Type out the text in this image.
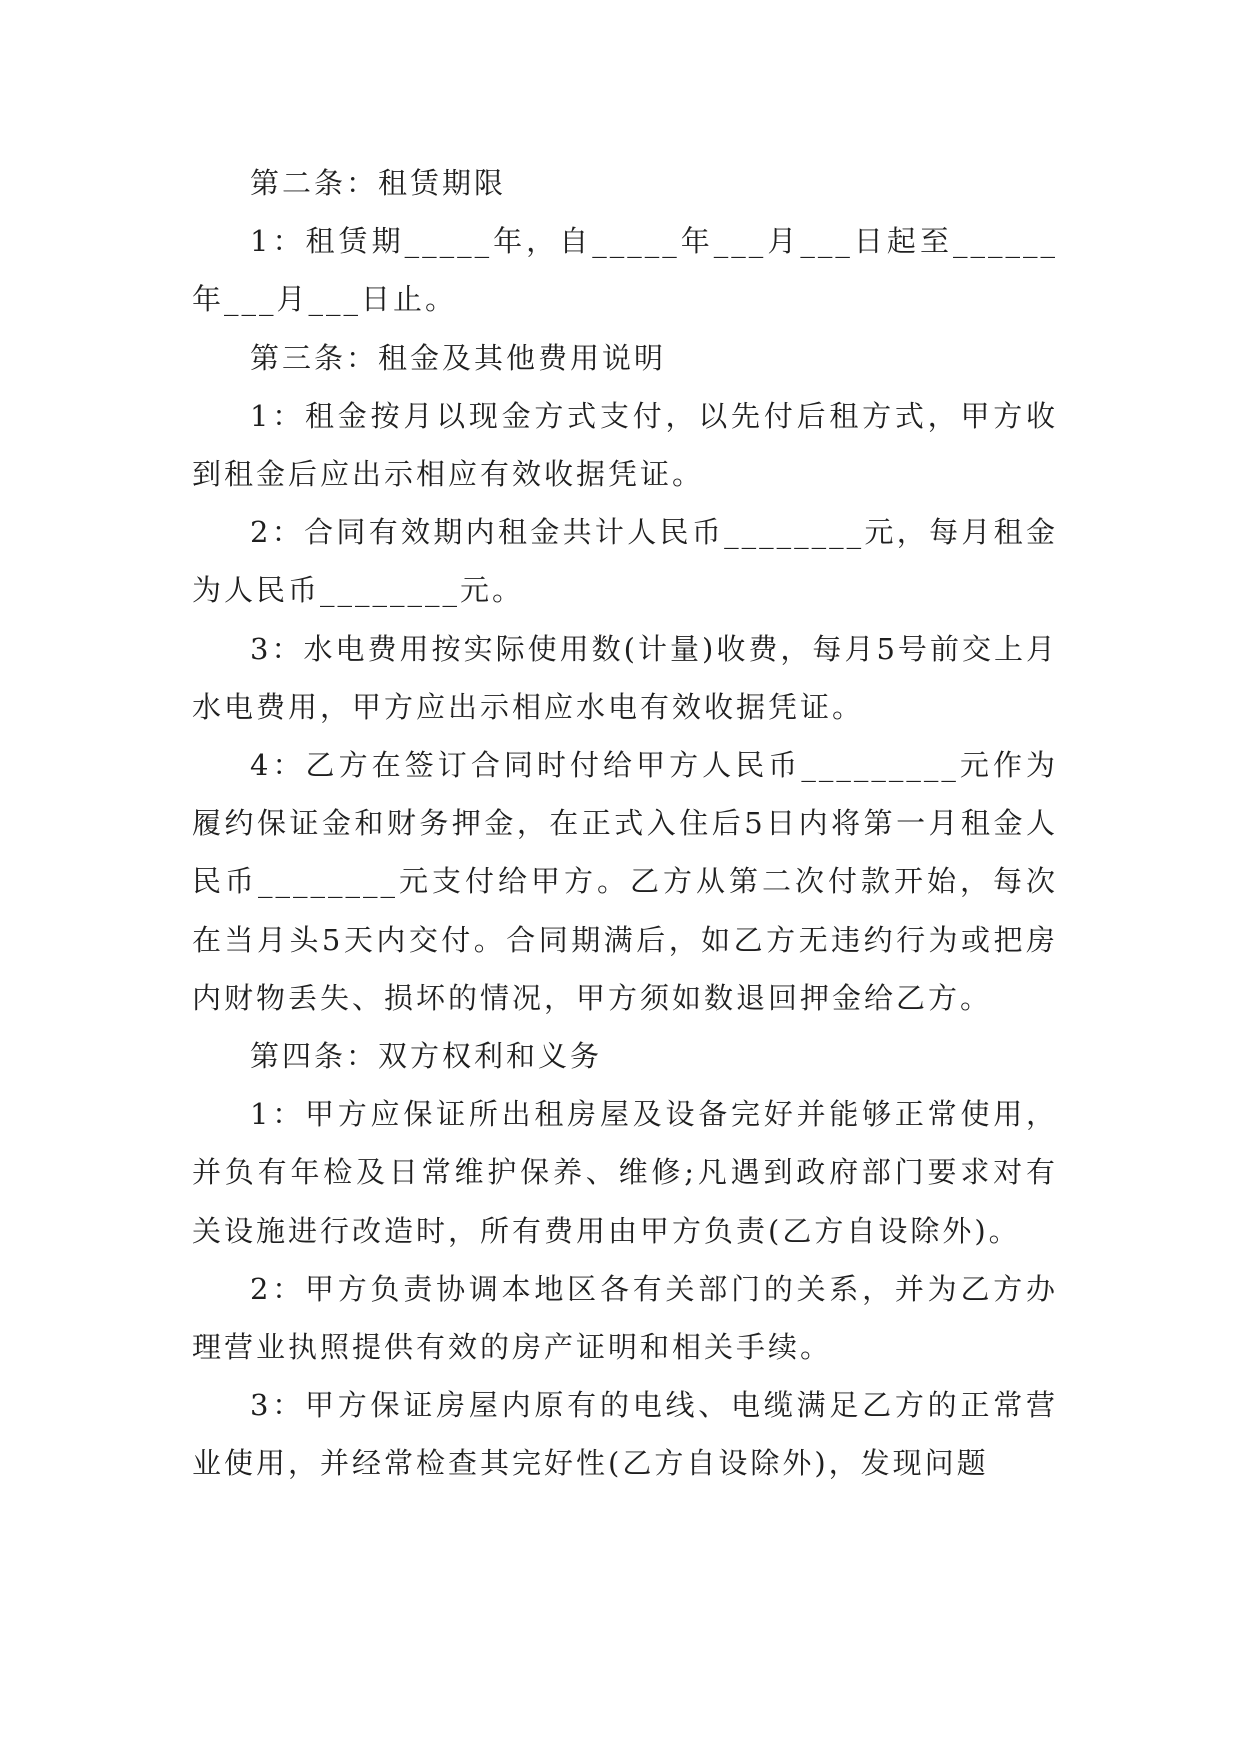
第二条：租赁期限

1：租赁期_____年，自_____年___月___日起至______年___月___日止。

第三条：租金及其他费用说明

1：租金按月以现金方式支付，以先付后租方式，甲方收到租金后应出示相应有效收据凭证。

2：合同有效期内租金共计人民币________元，每月租金为人民币________元。

3：水电费用按实际使用数(计量)收费，每月5号前交上月水电费用，甲方应出示相应水电有效收据凭证。

4：乙方在签订合同时付给甲方人民币_________元作为履约保证金和财务押金，在正式入住后5日内将第一月租金人民币________元支付给甲方。乙方从第二次付款开始，每次在当月头5天内交付。合同期满后，如乙方无违约行为或把房内财物丢失、损坏的情况，甲方须如数退回押金给乙方。

第四条：双方权利和义务

1：甲方应保证所出租房屋及设备完好并能够正常使用，并负有年检及日常维护保养、维修;凡遇到政府部门要求对有关设施进行改造时，所有费用由甲方负责(乙方自设除外)。

2：甲方负责协调本地区各有关部门的关系，并为乙方办理营业执照提供有效的房产证明和相关手续。

3：甲方保证房屋内原有的电线、电缆满足乙方的正常营业使用，并经常检查其完好性(乙方自设除外)，发现问题
